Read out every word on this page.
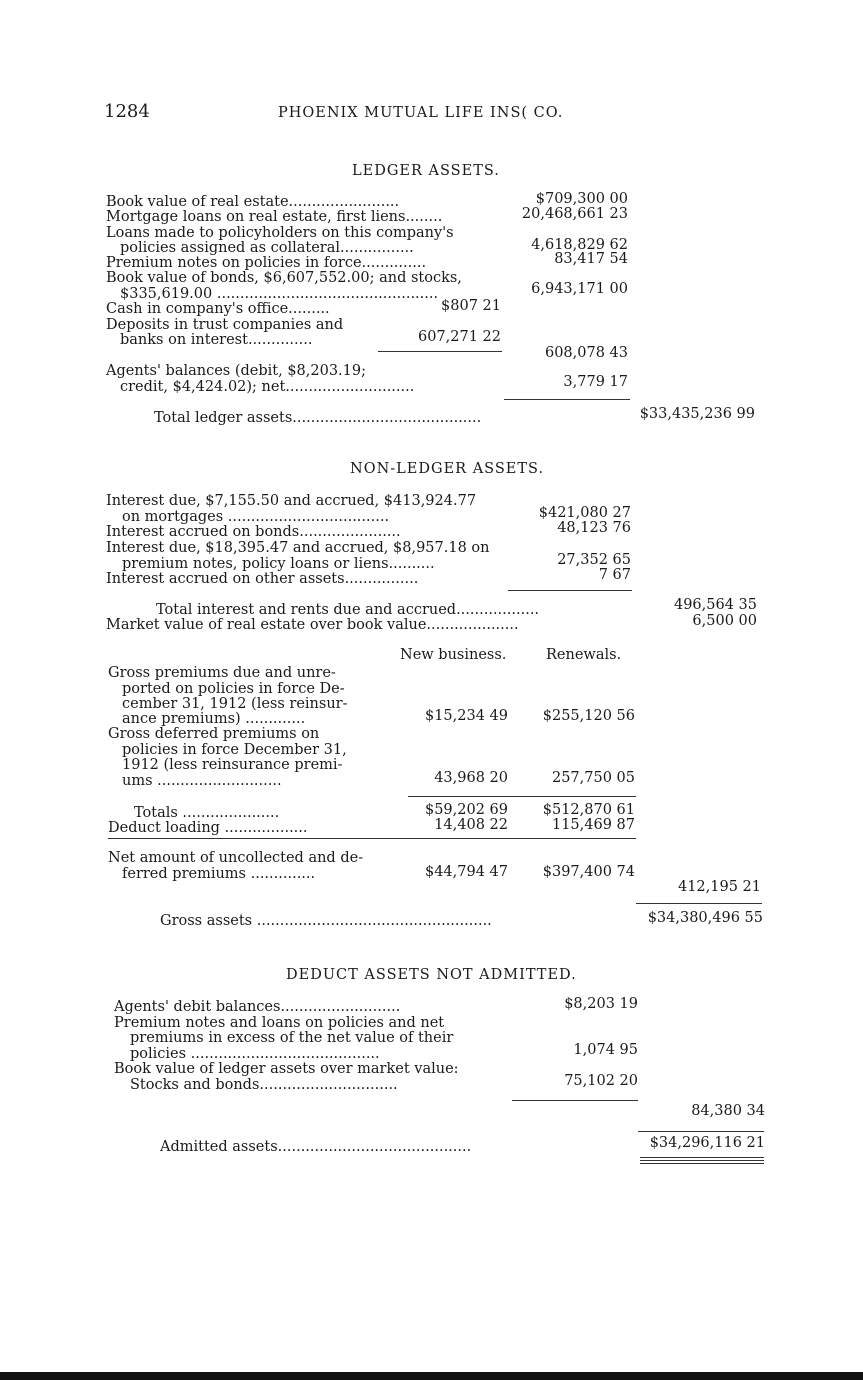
1284	PHOENIX MUTUAL LIFE INS( CO.
LEDGER ASSETS.
Book value of real estate........................	$709,300 00
Mortgage loans on real estate, first liens........	20,468,661 23
Loans made to policyholders on this company's
policies assigned as collateral................	4,618,829 62
Premium notes on policies in force..............	83,417 54
Book value of bonds, $6,607,552.00; and stocks,
$335,619.00 ................................................	6,943,171 00
Cash in company's office.........	$807 21
Deposits in trust companies and
banks on interest..............	607,271 22
608,078 43
Agents' balances (debit, $8,203.19;
credit, $4,424.02); net............................	3,779 17
Total ledger assets.........................................	$33,435,236 99
NON-LEDGER ASSETS.
Interest due, $7,155.50 and accrued, $413,924.77
on mortgages ...................................	$421,080 27
Interest accrued on bonds......................	48,123 76
Interest due, $18,395.47 and accrued, $8,957.18 on
premium notes, policy loans or liens..........	27,352 65
Interest accrued on other assets................	7 67
Total interest and rents due and accrued..................	496,564 35
Market value of real estate over book value....................	6,500 00
New business.	Renewals.
Gross premiums due and unre-
ported on policies in force De-
cember 31, 1912 (less reinsur-
ance premiums) .............	$15,234 49 $255,120 56
Gross deferred premiums on
policies in force December 31,
1912 (less reinsurance premi-
ums ...........................	43,968 20	257,750 05
Totals .....................	$59,202 69 $512,870 61
Deduct loading ..................	14,408 22	115,469 87
Net amount of uncollected and de-
ferred premiums ..............	$44,794 47 $397,400 74
412,195 21
Gross assets ...................................................	$34,380,496 55
DEDUCT ASSETS NOT ADMITTED.
Agents' debit balances..........................	$8,203 19
Premium notes and loans on policies and net
premiums in excess of the net value of their
policies .........................................	1,074 95
Book value of ledger assets over market value:
Stocks and bonds..............................	75,102 20
84,380 34
Admitted assets..........................................	$34,296,116 21
